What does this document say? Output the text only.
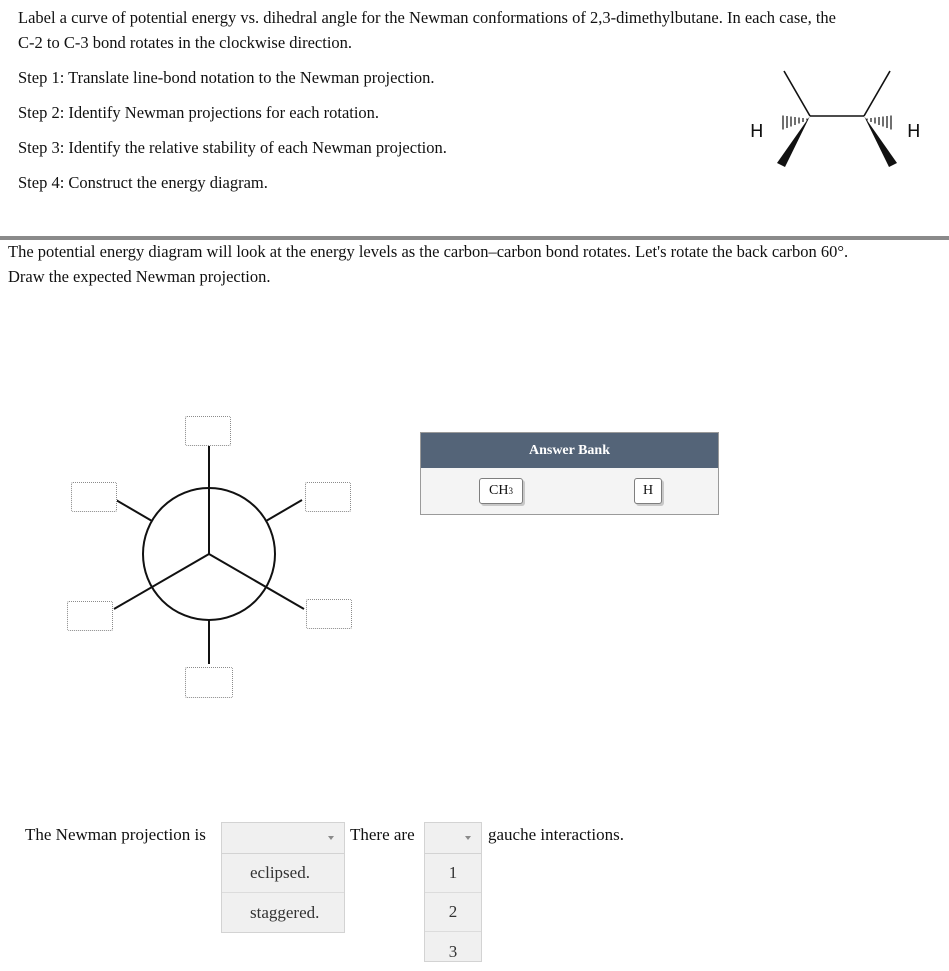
Label a curve of potential energy vs. dihedral angle for the Newman conformations of 2,3-dimethylbutane. In each case, the
C-2 to C-3 bond rotates in the clockwise direction.
Step 1: Translate line-bond notation to the Newman projection.
Step 2: Identify Newman projections for each rotation.
Step 3: Identify the relative stability of each Newman projection.
Step 4: Construct the energy diagram.
H	H
The potential energy diagram will look at the energy levels as the carbon–carbon bond rotates. Let's rotate the back carbon 60°.
Draw the expected Newman projection.
Answer Bank
CH 3	H
The Newman projection is
eclipsed.
staggered.
There are
1
2
3
gauche interactions.
